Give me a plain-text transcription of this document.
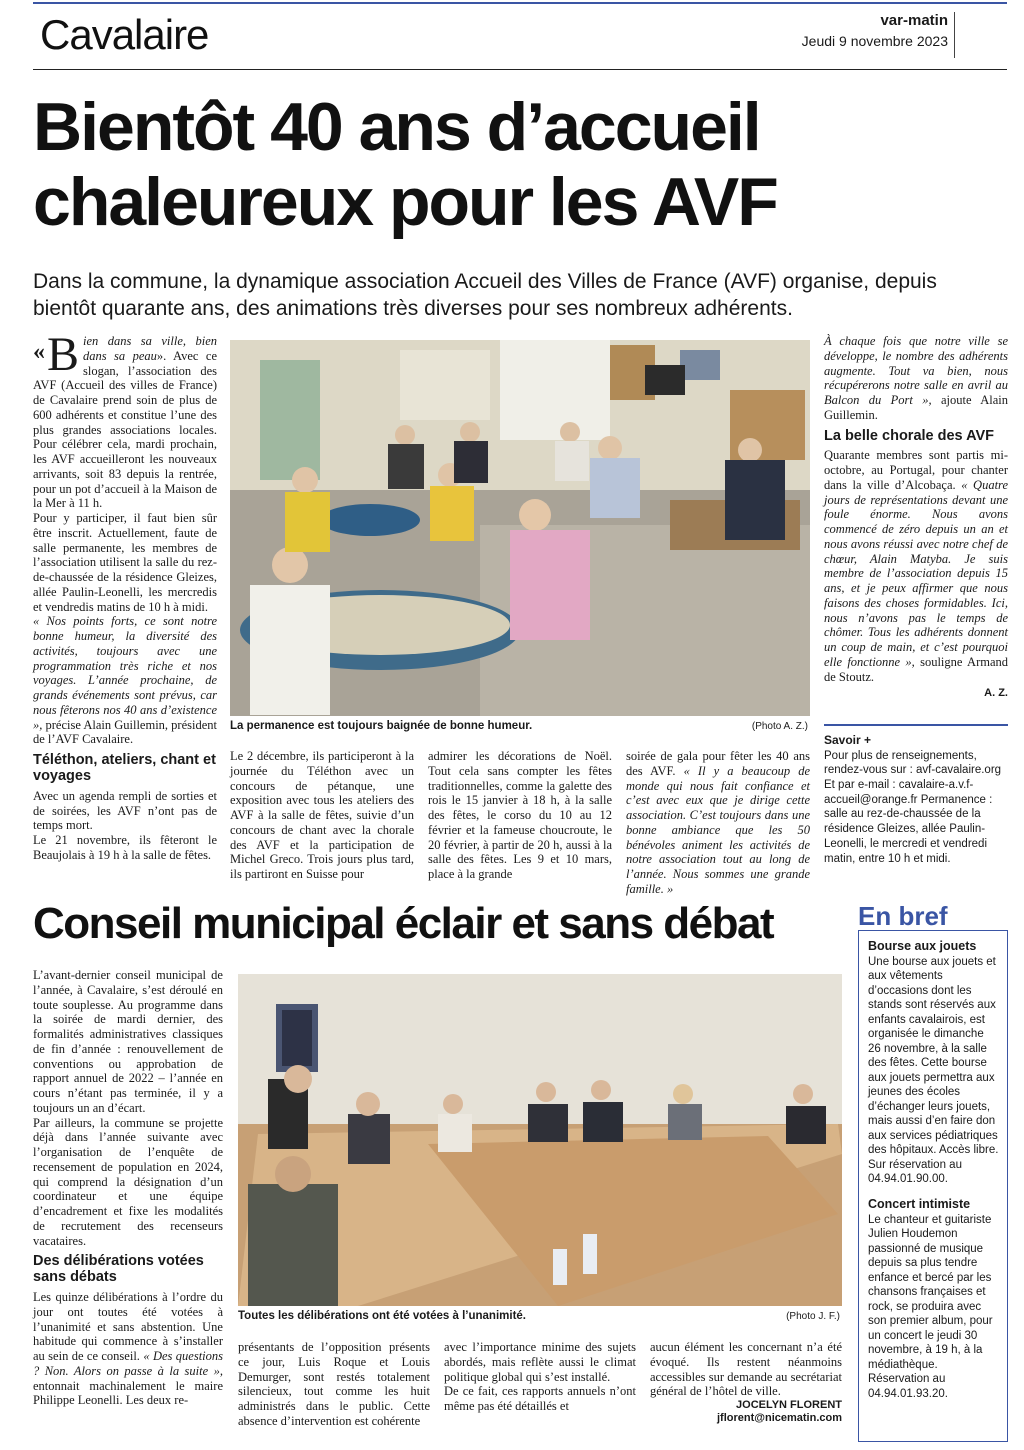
Cavalaire	var-matin
Jeudi 9 novembre 2023
Bientôt 40 ans d’accueil
chaleureux pour les AVF
Dans la commune, la dynamique association Accueil des Villes de France (AVF) organise, depuis bientôt quarante ans, des animations très diverses pour ses nombreux adhérents.
« B ien dans sa ville, bien dans sa peau». Avec ce slogan, l’association des AVF (Accueil des villes de France) de Cavalaire prend soin de plus de 600 adhérents et constitue l’une des plus grandes associations locales. Pour célébrer cela, mardi prochain, les AVF accueilleront les nouveaux arrivants, soit 83 depuis la rentrée, pour un pot d’accueil à la Maison de la Mer à 11 h.

Pour y participer, il faut bien sûr être inscrit. Actuellement, faute de salle permanente, les membres de l’association utilisent la salle du rez-de-chaussée de la résidence Gleizes, allée Paulin-Leonelli, les mercredis et vendredis matins de 10 h à midi.

« Nos points forts, ce sont notre bonne humeur, la diversité des activités, toujours avec une programmation très riche et nos voyages. L’année prochaine, de grands événements sont prévus, car nous fêterons nos 40 ans d’existence », précise Alain Guillemin, président de l’AVF Cavalaire.

Téléthon, ateliers, chant et voyages

Avec un agenda rempli de sorties et de soirées, les AVF n’ont pas de temps mort.

Le 21 novembre, ils fêteront le Beaujolais à 19 h à la salle de fêtes.

La permanence est toujours baignée de bonne humeur.	(Photo A. Z.)
Le 2 décembre, ils participeront à la journée du Téléthon avec un concours de pétanque, une exposition avec tous les ateliers des AVF à la salle de fêtes, suivie d’un concours de chant avec la chorale des AVF et la participation de Michel Greco. Trois jours plus tard, ils partiront en Suisse pour
admirer les décorations de Noël. Tout cela sans compter les fêtes traditionnelles, comme la galette des rois le 15 janvier à 18 h, à la salle des fêtes, le corso du 10 au 12 février et la fameuse choucroute, le 20 février, à partir de 20 h, aussi à la salle des fêtes. Les 9 et 10 mars, place à la grande
soirée de gala pour fêter les 40 ans des AVF. « Il y a beaucoup de monde qui nous fait confiance et c’est avec eux que je dirige cette association. C’est toujours dans une bonne ambiance que les 50 bénévoles animent les activités de notre association tout au long de l’année. Nous sommes une grande famille. »

À chaque fois que notre ville se développe, le nombre des adhérents augmente. Tout va bien, nous récupérerons notre salle en avril au Balcon du Port », ajoute Alain Guillemin.

La belle chorale des AVF

Quarante membres sont partis mi-octobre, au Portugal, pour chanter dans la ville d’Alcobaça. « Quatre jours de représentations devant une foule énorme. Nous avons commencé de zéro depuis un an et nous avons réussi avec notre chef de chœur, Alain Matyba. Je suis membre de l’association depuis 15 ans, et je peux affirmer que nous faisons des choses formidables. Ici, nous n’avons pas le temps de chômer. Tous les adhérents donnent un coup de main, et c’est pourquoi elle fonctionne », souligne Armand de Stoutz.

A. Z.
Savoir +
Pour plus de renseignements, rendez-vous sur : avf-cavalaire.org Et par e-mail : cavalaire-a.v.f-accueil@orange.fr Permanence : salle au rez-de-chaussée de la résidence Gleizes, allée Paulin-Leonelli, le mercredi et vendredi matin, entre 10 h et midi.
Conseil municipal éclair et sans débat

L’avant-dernier conseil municipal de l’année, à Cavalaire, s’est déroulé en toute souplesse. Au programme dans la soirée de mardi dernier, des formalités administratives classiques de fin d’année : renouvellement de conventions ou approbation de rapport annuel de 2022 – l’année en cours n’étant pas terminée, il y a toujours un an d’écart.

Par ailleurs, la commune se projette déjà dans l’année suivante avec l’organisation de l’enquête de recensement de population en 2024, qui comprend la désignation d’un coordinateur et une équipe d’encadrement et fixe les modalités de recrutement des recenseurs vacataires.

Des délibérations votées sans débats

Les quinze délibérations à l’ordre du jour ont toutes été votées à l’unanimité et sans abstention. Une habitude qui commence à s’installer au sein de ce conseil. « Des questions ? Non. Alors on passe à la suite », entonnait machinalement le maire Philippe Leonelli. Les deux re-

Toutes les délibérations ont été votées à l’unanimité.	(Photo J. F.)
présentants de l’opposition présents ce jour, Luis Roque et Louis Demurger, sont restés totalement silencieux, tout comme les huit administrés dans le public. Cette absence d’intervention est cohérente

avec l’importance minime des sujets abordés, mais reflète aussi le climat politique global qui s’est installé.

De ce fait, ces rapports annuels n’ont même pas été détaillés et

aucun élément les concernant n’a été évoqué. Ils restent néanmoins accessibles sur demande au secrétariat général de l’hôtel de ville.

JOCELYN FLORENT
jflorent@nicematin.com
En bref
Bourse aux jouets

Une bourse aux jouets et aux vêtements d’occasions dont les stands sont réservés aux enfants cavalairois, est organisée le dimanche 26 novembre, à la salle des fêtes. Cette bourse aux jouets permettra aux jeunes des écoles d’échanger leurs jouets, mais aussi d’en faire don aux services pédiatriques des hôpitaux. Accès libre. Sur réservation au 04.94.01.90.00.

Concert intimiste

Le chanteur et guitariste Julien Houdemon passionné de musique depuis sa plus tendre enfance et bercé par les chansons françaises et rock, se produira avec son premier album, pour un concert le jeudi 30 novembre, à 19 h, à la médiathèque. Réservation au 04.94.01.93.20.
